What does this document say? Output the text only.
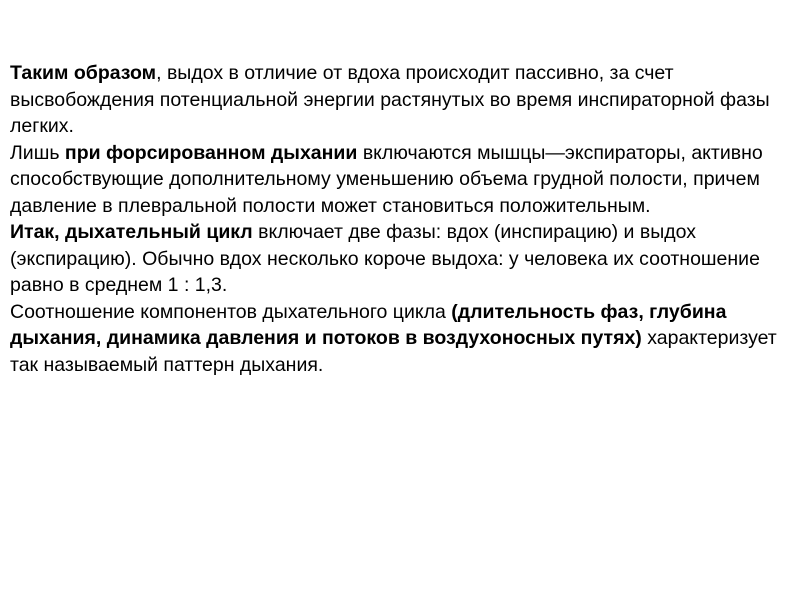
Таким образом, выдох в отличие от вдоха происходит пассивно, за счет высвобождения потенциальной энергии растянутых во время инспираторной фазы легких.

Лишь при форсированном дыхании включаются мышцы—экспираторы, активно способствующие дополнительному уменьшению объема грудной полости, причем давление в плевральной полости может становиться положительным.

Итак, дыхательный цикл включает две фазы: вдох (инспирацию) и выдох (экспирацию). Обычно вдох несколько короче выдоха: у человека их соотношение равно в среднем 1 : 1,3.

Соотношение компонентов дыхательного цикла (длительность фаз, глубина дыхания, динамика давления и потоков в воздухоносных путях) характеризует так называемый паттерн дыхания.
